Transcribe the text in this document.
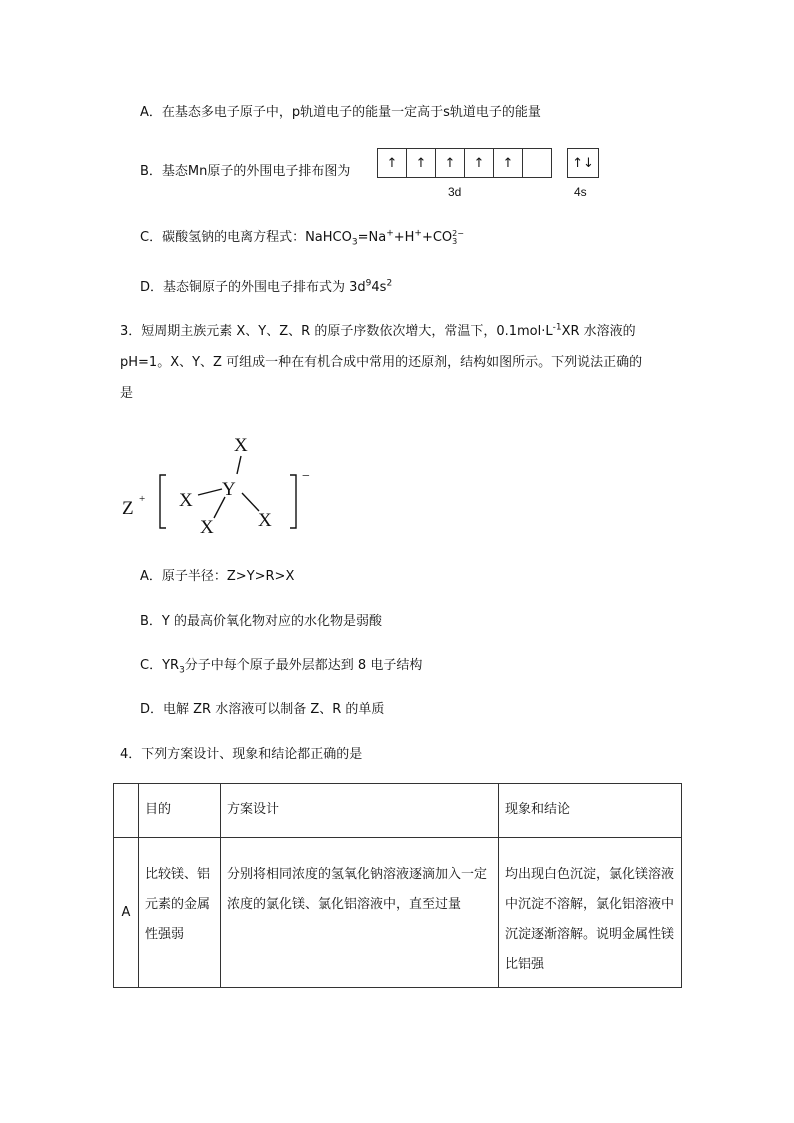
A．在基态多电子原子中，p轨道电子的能量一定高于s轨道电子的能量
B．基态Mn原子的外围电子排布图为
↑	↑	↑	↑	↑	↑↓
3d	4s
C．碳酸氢钠的电离方程式：NaHCO$_3$=Na++H++CO 2−
3
D．基态铜原子的外围电子排布式为 $3d^94s^2$
3．短周期主族元素 X、Y、Z、R 的原子序数依次增大，常温下，$0.1mol\cdot L^{-1}XR$ 水溶液的
pH=1。X、Y、Z 可组成一种在有机合成中常用的还原剂，结构如图所示。下列说法正确的
是
Z +
X
Y
X
X X
−
A．原子半径：Z>Y>R>X
B．Y 的最高价氧化物对应的水化物是弱酸
C．$YR_3$分子中每个原子最外层都达到 8 电子结构
D．电解 ZR 水溶液可以制备 Z、R 的单质
4．下列方案设计、现象和结论都正确的是
	目的	方案设计	现象和结论
A	比较镁、铝元素的金属性强弱	分别将相同浓度的氢氧化钠溶液逐滴加入一定浓度的氯化镁、氯化铝溶液中，直至过量	均出现白色沉淀，氯化镁溶液中沉淀不溶解，氯化铝溶液中沉淀逐渐溶解。说明金属性镁比铝强
